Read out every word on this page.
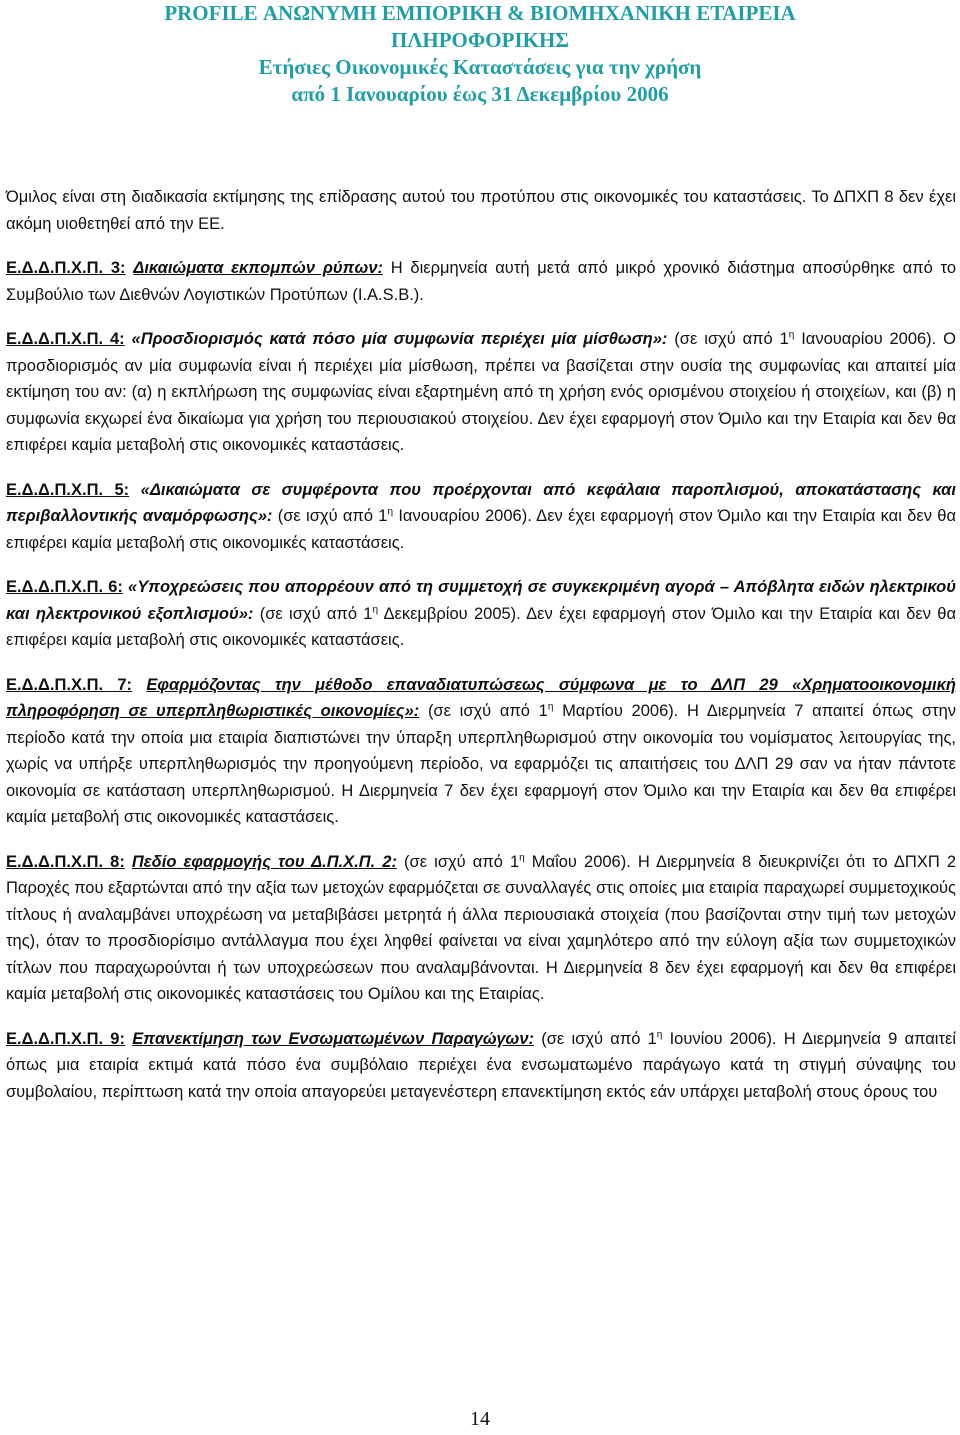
PROFILE ΑΝΩΝΥΜΗ ΕΜΠΟΡΙΚΗ & ΒΙΟΜΗΧΑΝΙΚΗ ΕΤΑΙΡΕΙΑ
ΠΛΗΡΟΦΟΡΙΚΗΣ
Ετήσιες Οικονομικές Καταστάσεις για την χρήση
από 1 Ιανουαρίου έως 31 Δεκεμβρίου 2006

Όμιλος είναι στη διαδικασία εκτίμησης της επίδρασης αυτού του προτύπου στις οικονομικές του καταστάσεις. Το ΔΠΧΠ 8 δεν έχει ακόμη υιοθετηθεί από την ΕΕ.

Ε.Δ.Δ.Π.Χ.Π. 3: Δικαιώματα εκπομπών ρύπων: Η διερμηνεία αυτή μετά από μικρό χρονικό διάστημα αποσύρθηκε από το Συμβούλιο των Διεθνών Λογιστικών Προτύπων (I.A.S.B.).

Ε.Δ.Δ.Π.Χ.Π. 4: «Προσδιορισμός κατά πόσο μία συμφωνία περιέχει μία μίσθωση»: (σε ισχύ από $1^\eta$ Ιανουαρίου 2006). Ο προσδιορισμός αν μία συμφωνία είναι ή περιέχει μία μίσθωση, πρέπει να βασίζεται στην ουσία της συμφωνίας και απαιτεί μία εκτίμηση του αν: (α) η εκπλήρωση της συμφωνίας είναι εξαρτημένη από τη χρήση ενός ορισμένου στοιχείου ή στοιχείων, και (β) η συμφωνία εκχωρεί ένα δικαίωμα για χρήση του περιουσιακού στοιχείου. Δεν έχει εφαρμογή στον Όμιλο και την Εταιρία και δεν θα επιφέρει καμία μεταβολή στις οικονομικές καταστάσεις.

Ε.Δ.Δ.Π.Χ.Π. 5: «Δικαιώματα σε συμφέροντα που προέρχονται από κεφάλαια παροπλισμού, αποκατάστασης και περιβαλλοντικής αναμόρφωσης»: (σε ισχύ από $1^\eta$ Ιανουαρίου 2006). Δεν έχει εφαρμογή στον Όμιλο και την Εταιρία και δεν θα επιφέρει καμία μεταβολή στις οικονομικές καταστάσεις.

Ε.Δ.Δ.Π.Χ.Π. 6: «Υποχρεώσεις που απορρέουν από τη συμμετοχή σε συγκεκριμένη αγορά – Απόβλητα ειδών ηλεκτρικού και ηλεκτρονικού εξοπλισμού»: (σε ισχύ από $1^\eta$ Δεκεμβρίου 2005). Δεν έχει εφαρμογή στον Όμιλο και την Εταιρία και δεν θα επιφέρει καμία μεταβολή στις οικονομικές καταστάσεις.

Ε.Δ.Δ.Π.Χ.Π. 7: Εφαρμόζοντας την μέθοδο επαναδιατυπώσεως σύμφωνα με το ΔΛΠ 29 «Χρηματοοικονομική πληροφόρηση σε υπερπληθωριστικές οικονομίες»: (σε ισχύ από $1^\eta$ Μαρτίου 2006). Η Διερμηνεία 7 απαιτεί όπως στην περίοδο κατά την οποία μια εταιρία διαπιστώνει την ύπαρξη υπερπληθωρισμού στην οικονομία του νομίσματος λειτουργίας της, χωρίς να υπήρξε υπερπληθωρισμός την προηγούμενη περίοδο, να εφαρμόζει τις απαιτήσεις του ΔΛΠ 29 σαν να ήταν πάντοτε οικονομία σε κατάσταση υπερπληθωρισμού. Η Διερμηνεία 7 δεν έχει εφαρμογή στον Όμιλο και την Εταιρία και δεν θα επιφέρει καμία μεταβολή στις οικονομικές καταστάσεις.

Ε.Δ.Δ.Π.Χ.Π. 8: Πεδίο εφαρμογής του Δ.Π.Χ.Π. 2: (σε ισχύ από $1^\eta$ Μαΐου 2006). Η Διερμηνεία 8 διευκρινίζει ότι το ΔΠΧΠ 2 Παροχές που εξαρτώνται από την αξία των μετοχών εφαρμόζεται σε συναλλαγές στις οποίες μια εταιρία παραχωρεί συμμετοχικούς τίτλους ή αναλαμβάνει υποχρέωση να μεταβιβάσει μετρητά ή άλλα περιουσιακά στοιχεία (που βασίζονται στην τιμή των μετοχών της), όταν το προσδιορίσιμο αντάλλαγμα που έχει ληφθεί φαίνεται να είναι χαμηλότερο από την εύλογη αξία των συμμετοχικών τίτλων που παραχωρούνται ή των υποχρεώσεων που αναλαμβάνονται. Η Διερμηνεία 8 δεν έχει εφαρμογή και δεν θα επιφέρει καμία μεταβολή στις οικονομικές καταστάσεις του Ομίλου και της Εταιρίας.

Ε.Δ.Δ.Π.Χ.Π. 9: Επανεκτίμηση των Ενσωματωμένων Παραγώγων: (σε ισχύ από $1^\eta$ Ιουνίου 2006). Η Διερμηνεία 9 απαιτεί όπως μια εταιρία εκτιμά κατά πόσο ένα συμβόλαιο περιέχει ένα ενσωματωμένο παράγωγο κατά τη στιγμή σύναψης του συμβολαίου, περίπτωση κατά την οποία απαγορεύει μεταγενέστερη επανεκτίμηση εκτός εάν υπάρχει μεταβολή στους όρους του

14
